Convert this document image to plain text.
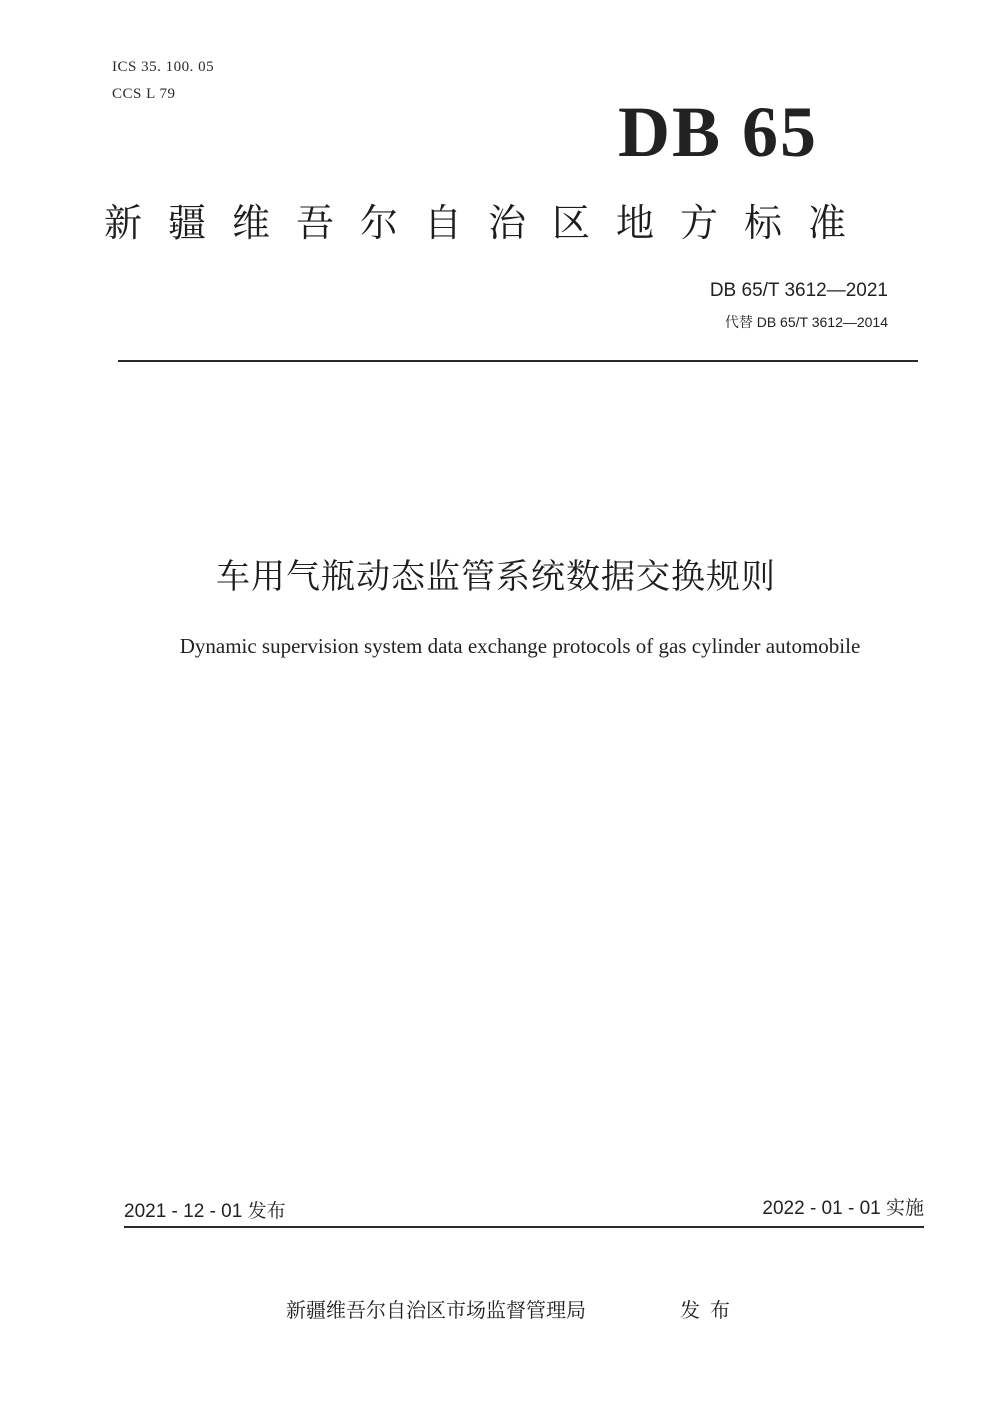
ICS 35. 100. 05
CCS L 79	DB 65
新疆维吾尔自治区地方标准
DB 65/T 3612—2021
代替 DB 65/T 3612—2014
车用气瓶动态监管系统数据交换规则
Dynamic supervision system data exchange protocols of gas cylinder automobile
2021 - 12 - 01 发布	2022 - 01 - 01 实施
新疆维吾尔自治区市场监督管理局	发布
